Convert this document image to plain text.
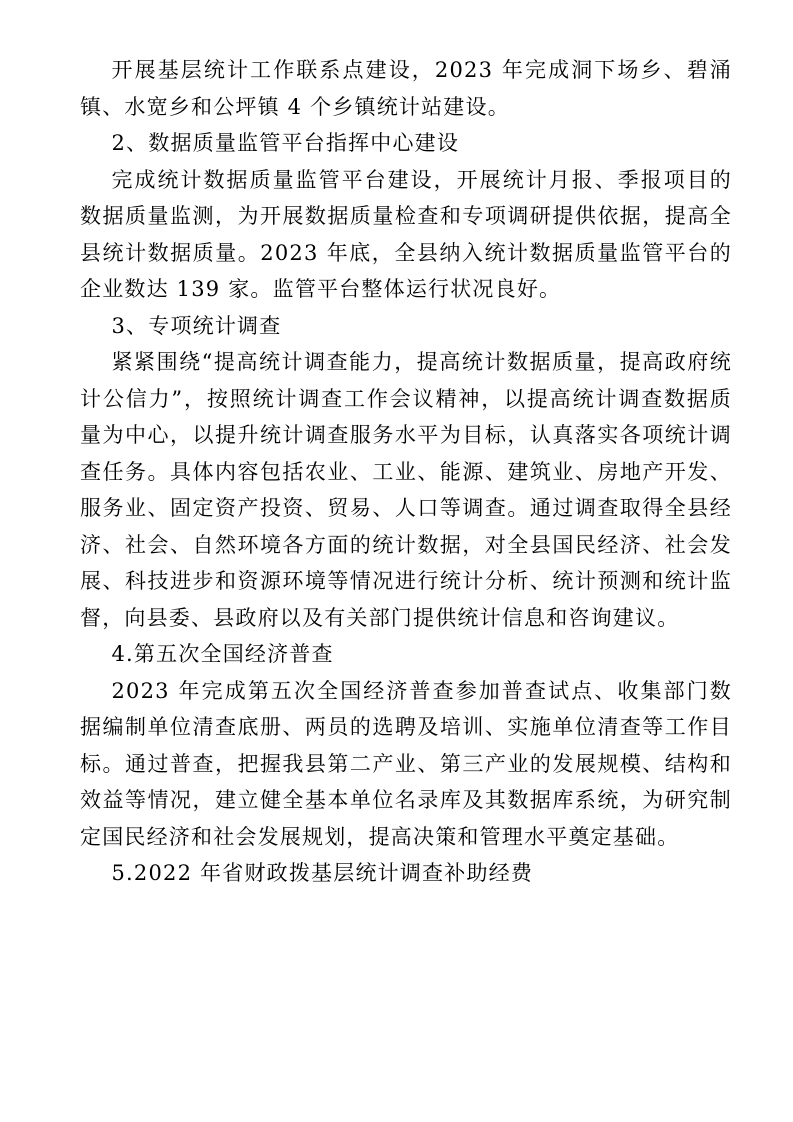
开展基层统计工作联系点建设，2023 年完成洞下场乡、碧涌镇、水宽乡和公坪镇 4 个乡镇统计站建设。

2、数据质量监管平台指挥中心建设

完成统计数据质量监管平台建设，开展统计月报、季报项目的数据质量监测，为开展数据质量检查和专项调研提供依据，提高全县统计数据质量。2023 年底，全县纳入统计数据质量监管平台的企业数达 139 家。监管平台整体运行状况良好。

3、专项统计调查

紧紧围绕“提高统计调查能力，提高统计数据质量，提高政府统计公信力”，按照统计调查工作会议精神，以提高统计调查数据质量为中心，以提升统计调查服务水平为目标，认真落实各项统计调查任务。具体内容包括农业、工业、能源、建筑业、房地产开发、服务业、固定资产投资、贸易、人口等调查。通过调查取得全县经济、社会、自然环境各方面的统计数据，对全县国民经济、社会发展、科技进步和资源环境等情况进行统计分析、统计预测和统计监督，向县委、县政府以及有关部门提供统计信息和咨询建议。

4.第五次全国经济普查

2023 年完成第五次全国经济普查参加普查试点、收集部门数据编制单位清查底册、两员的选聘及培训、实施单位清查等工作目标。通过普查，把握我县第二产业、第三产业的发展规模、结构和效益等情况，建立健全基本单位名录库及其数据库系统，为研究制定国民经济和社会发展规划，提高决策和管理水平奠定基础。

5.2022 年省财政拨基层统计调查补助经费
